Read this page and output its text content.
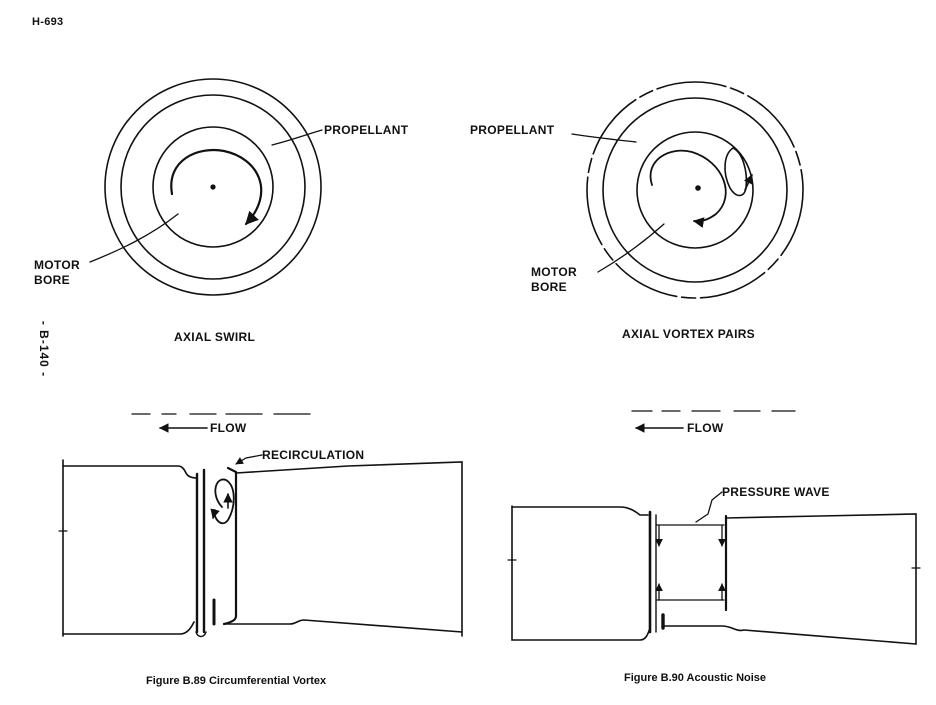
H-693
- B-140 -
PROPELLANT
MOTOR
BORE
AXIAL SWIRL
PROPELLANT
MOTOR
BORE
AXIAL VORTEX PAIRS
FLOW	FLOW
RECIRCULATION
PRESSURE WAVE
Figure B.89 Circumferential Vortex	Figure B.90 Acoustic Noise
